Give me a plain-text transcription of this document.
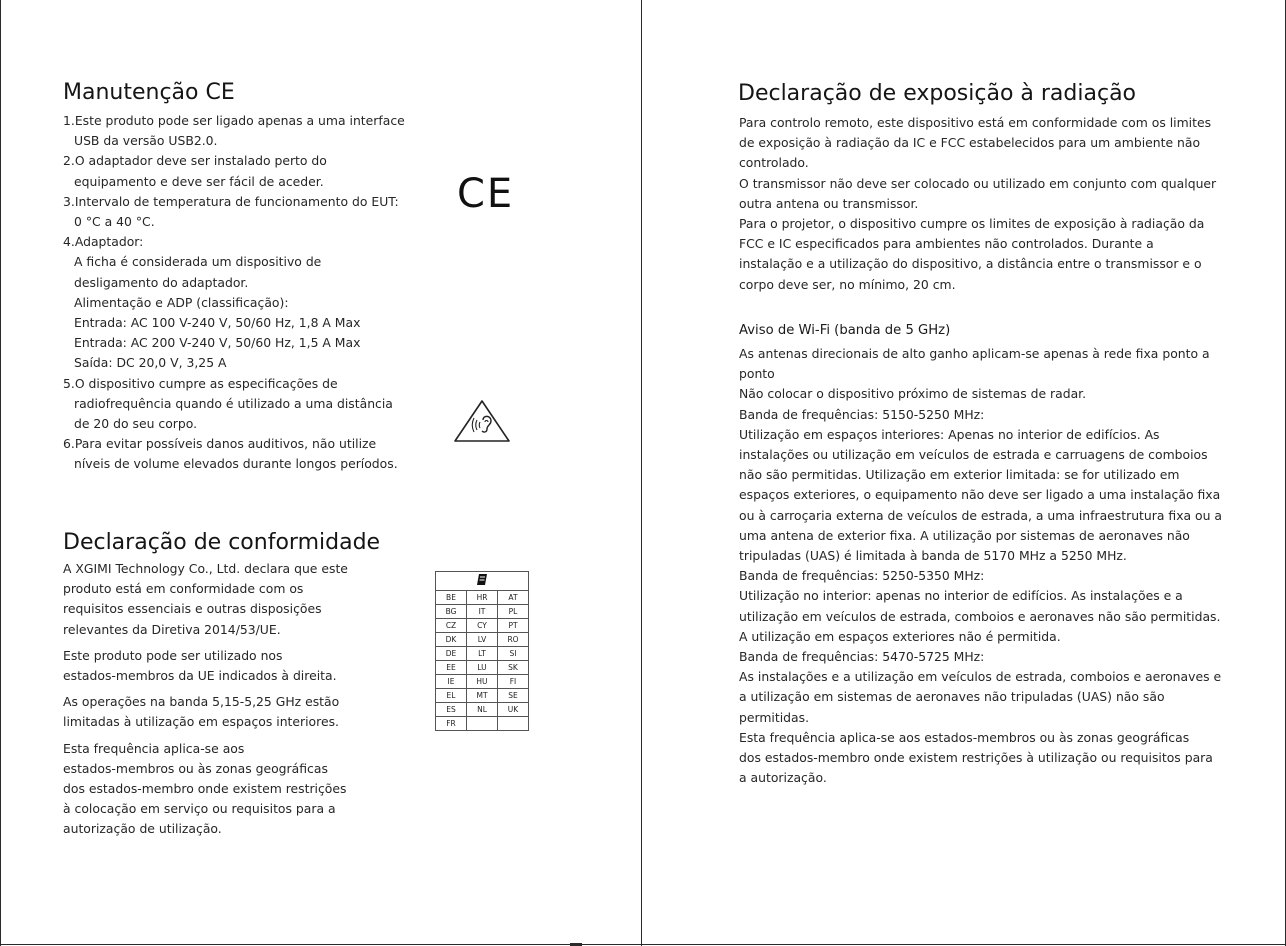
Manutenção CE

1.Este produto pode ser ligado apenas a uma interface

USB da versão USB2.0.

2.O adaptador deve ser instalado perto do

equipamento e deve ser fácil de aceder.

3.Intervalo de temperatura de funcionamento do EUT:

0 °C a 40 °C.

4.Adaptador:

A ficha é considerada um dispositivo de

desligamento do adaptador.

Alimentação e ADP (classificação):

Entrada: AC 100 V-240 V, 50/60 Hz, 1,8 A Max

Entrada: AC 200 V-240 V, 50/60 Hz, 1,5 A Max

Saída: DC 20,0 V, 3,25 A

5.O dispositivo cumpre as especificações de

radiofrequência quando é utilizado a uma distância

de 20 do seu corpo.

6.Para evitar possíveis danos auditivos, não utilize

níveis de volume elevados durante longos períodos.

CE
Declaração de conformidade

A XGIMI Technology Co., Ltd. declara que este

produto está em conformidade com os

requisitos essenciais e outras disposições

relevantes da Diretiva 2014/53/UE.

Este produto pode ser utilizado nos

estados-membros da UE indicados à direita.

As operações na banda 5,15-5,25 GHz estão

limitadas à utilização em espaços interiores.

Esta frequência aplica-se aos

estados-membros ou às zonas geográficas

dos estados-membro onde existem restrições

à colocação em serviço ou requisitos para a

autorização de utilização.

BE	HR	AT
BG	IT	PL
CZ	CY	PT
DK	LV	RO
DE	LT	SI
EE	LU	SK
IE	HU	FI
EL	MT	SE
ES	NL	UK
FR		
Declaração de exposição à radiação

Para controlo remoto, este dispositivo está em conformidade com os limites

de exposição à radiação da IC e FCC estabelecidos para um ambiente não

controlado.

O transmissor não deve ser colocado ou utilizado em conjunto com qualquer

outra antena ou transmissor.

Para o projetor, o dispositivo cumpre os limites de exposição à radiação da

FCC e IC especificados para ambientes não controlados. Durante a

instalação e a utilização do dispositivo, a distância entre o transmissor e o

corpo deve ser, no mínimo, 20 cm.

Aviso de Wi-Fi (banda de 5 GHz)

As antenas direcionais de alto ganho aplicam-se apenas à rede fixa ponto a

ponto

Não colocar o dispositivo próximo de sistemas de radar.

Banda de frequências: 5150-5250 MHz:

Utilização em espaços interiores: Apenas no interior de edifícios. As

instalações ou utilização em veículos de estrada e carruagens de comboios

não são permitidas. Utilização em exterior limitada: se for utilizado em

espaços exteriores, o equipamento não deve ser ligado a uma instalação fixa

ou à carroçaria externa de veículos de estrada, a uma infraestrutura fixa ou a

uma antena de exterior fixa. A utilização por sistemas de aeronaves não

tripuladas (UAS) é limitada à banda de 5170 MHz a 5250 MHz.

Banda de frequências: 5250-5350 MHz:

Utilização no interior: apenas no interior de edifícios. As instalações e a

utilização em veículos de estrada, comboios e aeronaves não são permitidas.

A utilização em espaços exteriores não é permitida.

Banda de frequências: 5470-5725 MHz:

As instalações e a utilização em veículos de estrada, comboios e aeronaves e

a utilização em sistemas de aeronaves não tripuladas (UAS) não são

permitidas.

Esta frequência aplica-se aos estados-membros ou às zonas geográficas

dos estados-membro onde existem restrições à utilização ou requisitos para

a autorização.
